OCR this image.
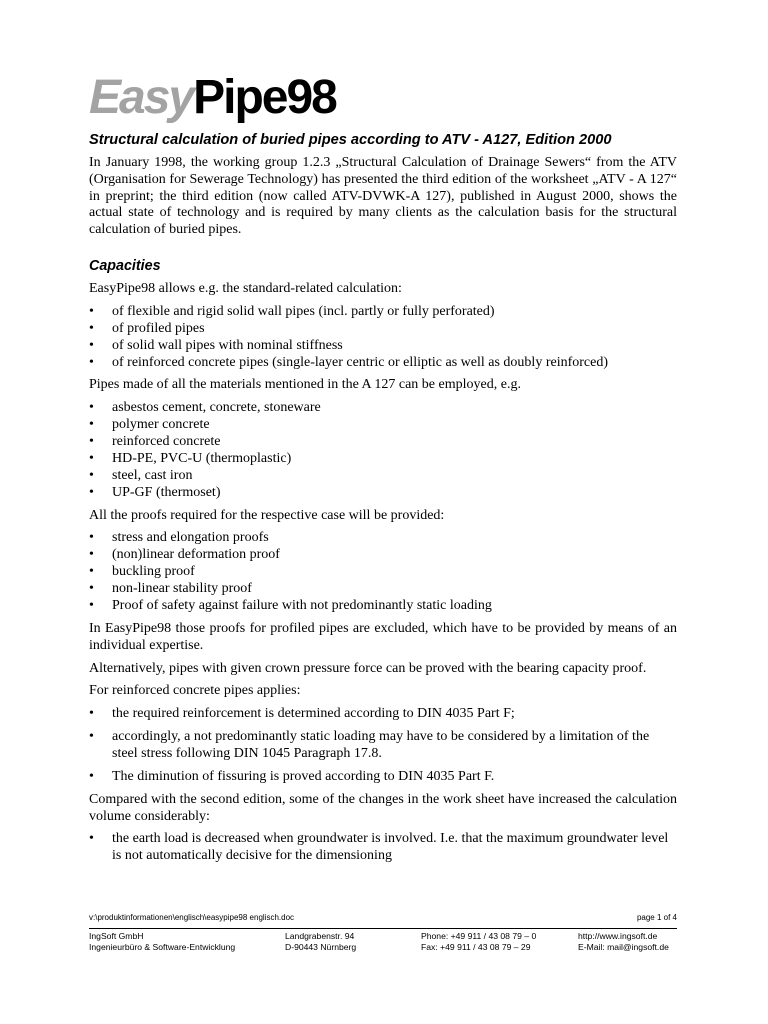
EasyPipe98
Structural calculation of buried pipes according to ATV - A127, Edition 2000

In January 1998, the working group 1.2.3 „Structural Calculation of Drainage Sewers“ from the ATV (Organisation for Sewerage Technology) has presented the third edition of the worksheet „ATV - A 127“ in preprint; the third edition (now called ATV-DVWK-A 127), published in August 2000, shows the actual state of technology and is required by many clients as the calculation basis for the structural calculation of buried pipes.

Capacities

EasyPipe98 allows e.g. the standard-related calculation:

•	of flexible and rigid solid wall pipes (incl. partly or fully perforated)
•	of profiled pipes
•	of solid wall pipes with nominal stiffness
•	of reinforced concrete pipes (single-layer centric or elliptic as well as doubly reinforced)

Pipes made of all the materials mentioned in the A 127 can be employed, e.g.

•	asbestos cement, concrete, stoneware
•	polymer concrete
•	reinforced concrete
•	HD-PE, PVC-U (thermoplastic)
•	steel, cast iron
•	UP-GF (thermoset)

All the proofs required for the respective case will be provided:

•	stress and elongation proofs
•	(non)linear deformation proof
•	buckling proof
•	non-linear stability proof
•	Proof of safety against failure with not predominantly static loading

In EasyPipe98 those proofs for profiled pipes are excluded, which have to be provided by means of an individual expertise.

Alternatively, pipes with given crown pressure force can be proved with the bearing capacity proof.

For reinforced concrete pipes applies:

•	the required reinforcement is determined according to DIN 4035 Part F;
•	accordingly, a not predominantly static loading may have to be considered by a limitation of the steel stress following DIN 1045 Paragraph 17.8.
•	The diminution of fissuring is proved according to DIN 4035 Part F.

Compared with the second edition, some of the changes in the work sheet have increased the calculation volume considerably:

•	the earth load is decreased when groundwater is involved. I.e. that the maximum groundwater level is not automatically decisive for the dimensioning
v:\produktinformationen\englisch\easypipe98 englisch.doc	page 1 of 4
IngSoft GmbH
Ingenieurbüro & Software-Entwicklung
Landgrabenstr. 94
D-90443 Nürnberg
Phone: +49 911 / 43 08 79 – 0
Fax: +49 911 / 43 08 79 – 29
http://www.ingsoft.de
E-Mail: mail@ingsoft.de
